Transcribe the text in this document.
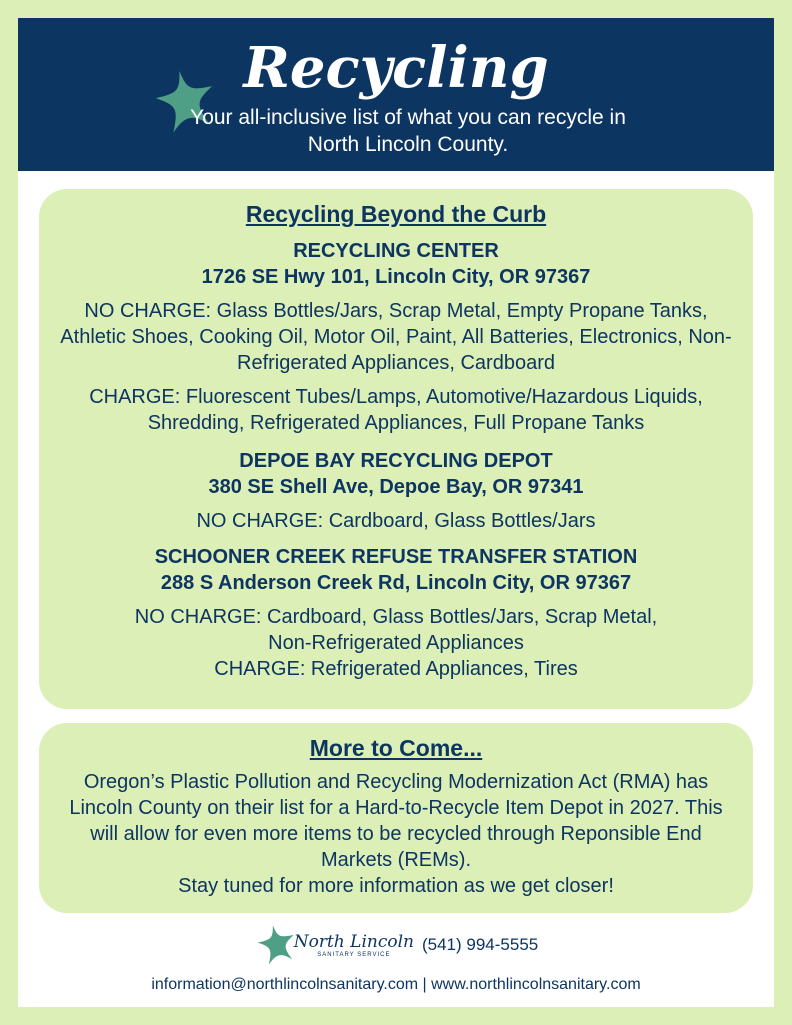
Recycling
Your all-inclusive list of what you can recycle in North Lincoln County.
Recycling Beyond the Curb
RECYCLING CENTER
1726 SE Hwy 101, Lincoln City, OR 97367
NO CHARGE: Glass Bottles/Jars, Scrap Metal, Empty Propane Tanks, Athletic Shoes, Cooking Oil, Motor Oil, Paint, All Batteries, Electronics, Non-Refrigerated Appliances, Cardboard
CHARGE: Fluorescent Tubes/Lamps, Automotive/Hazardous Liquids, Shredding, Refrigerated Appliances, Full Propane Tanks
DEPOE BAY RECYCLING DEPOT
380 SE Shell Ave, Depoe Bay, OR 97341
NO CHARGE: Cardboard, Glass Bottles/Jars
SCHOONER CREEK REFUSE TRANSFER STATION
288 S Anderson Creek Rd, Lincoln City, OR 97367
NO CHARGE: Cardboard, Glass Bottles/Jars, Scrap Metal, Non-Refrigerated Appliances
CHARGE: Refrigerated Appliances, Tires
More to Come...
Oregon’s Plastic Pollution and Recycling Modernization Act (RMA) has Lincoln County on their list for a Hard-to-Recycle Item Depot in 2027. This will allow for even more items to be recycled through Reponsible End Markets (REMs).
Stay tuned for more information as we get closer!
North Lincoln
SANITARY SERVICE
(541) 994-5555
information@northlincolnsanitary.com | www.northlincolnsanitary.com
